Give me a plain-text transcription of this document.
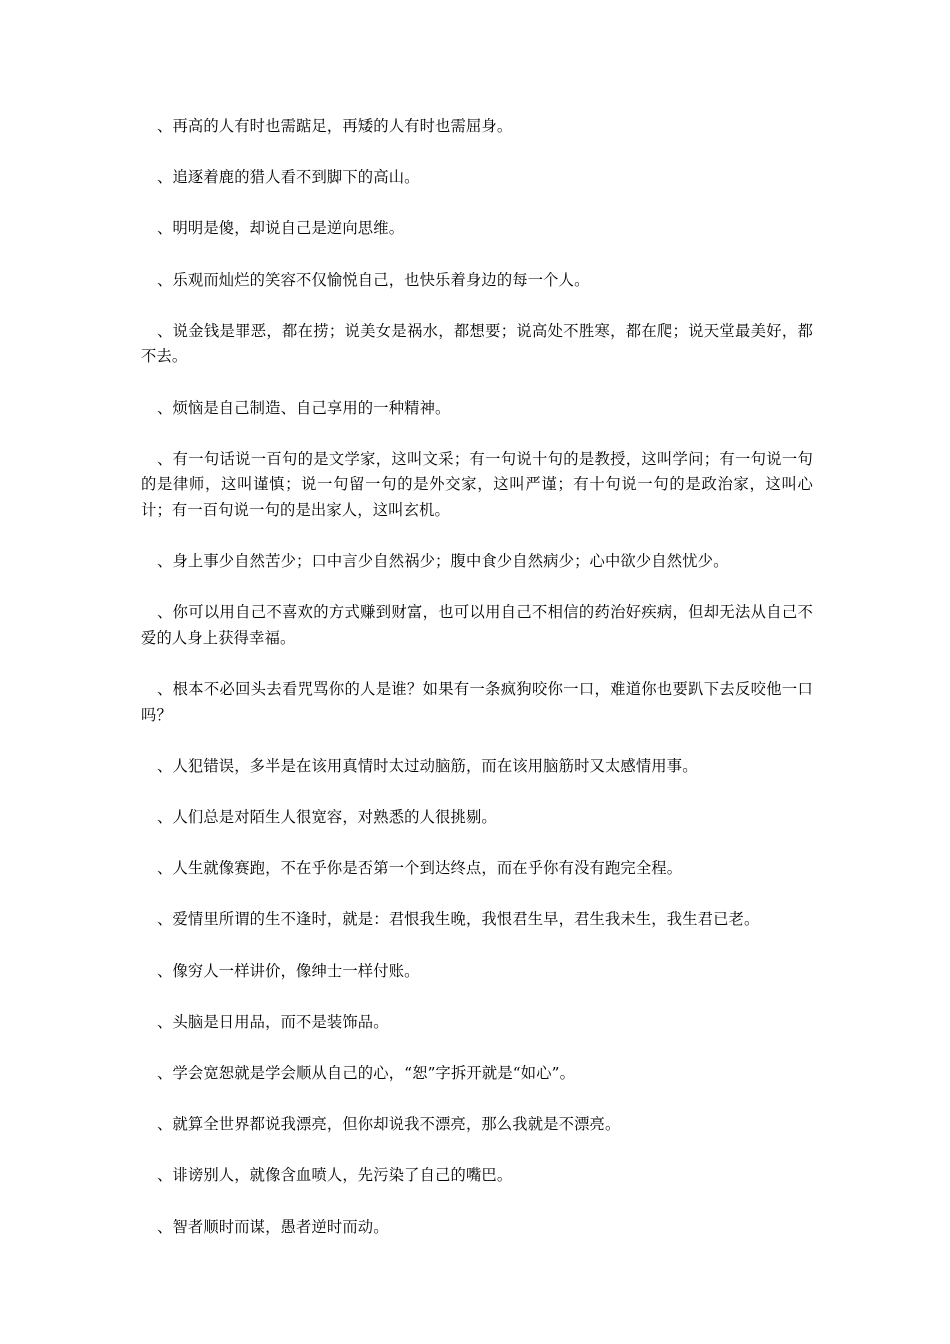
、再高的人有时也需踮足，再矮的人有时也需屈身。

、追逐着鹿的猎人看不到脚下的高山。

、明明是傻，却说自己是逆向思维。

、乐观而灿烂的笑容不仅愉悦自己，也快乐着身边的每一个人。

、说金钱是罪恶，都在捞；说美女是祸水，都想要；说高处不胜寒，都在爬；说天堂最美好，都不去。

、烦恼是自己制造、自己享用的一种精神。

、有一句话说一百句的是文学家，这叫文采；有一句说十句的是教授，这叫学问；有一句说一句的是律师，这叫谨慎；说一句留一句的是外交家，这叫严谨；有十句说一句的是政治家，这叫心计；有一百句说一句的是出家人，这叫玄机。

、身上事少自然苦少；口中言少自然祸少；腹中食少自然病少；心中欲少自然忧少。

、你可以用自己不喜欢的方式赚到财富，也可以用自己不相信的药治好疾病，但却无法从自己不爱的人身上获得幸福。

、根本不必回头去看咒骂你的人是谁？如果有一条疯狗咬你一口，难道你也要趴下去反咬他一口吗？

、人犯错误，多半是在该用真情时太过动脑筋，而在该用脑筋时又太感情用事。

、人们总是对陌生人很宽容，对熟悉的人很挑剔。

、人生就像赛跑，不在乎你是否第一个到达终点，而在乎你有没有跑完全程。

、爱情里所谓的生不逢时，就是：君恨我生晚，我恨君生早，君生我未生，我生君已老。

、像穷人一样讲价，像绅士一样付账。

、头脑是日用品，而不是装饰品。

、学会宽恕就是学会顺从自己的心，“恕”字拆开就是“如心”。

、就算全世界都说我漂亮，但你却说我不漂亮，那么我就是不漂亮。

、诽谤别人，就像含血喷人，先污染了自己的嘴巴。

、智者顺时而谋，愚者逆时而动。
